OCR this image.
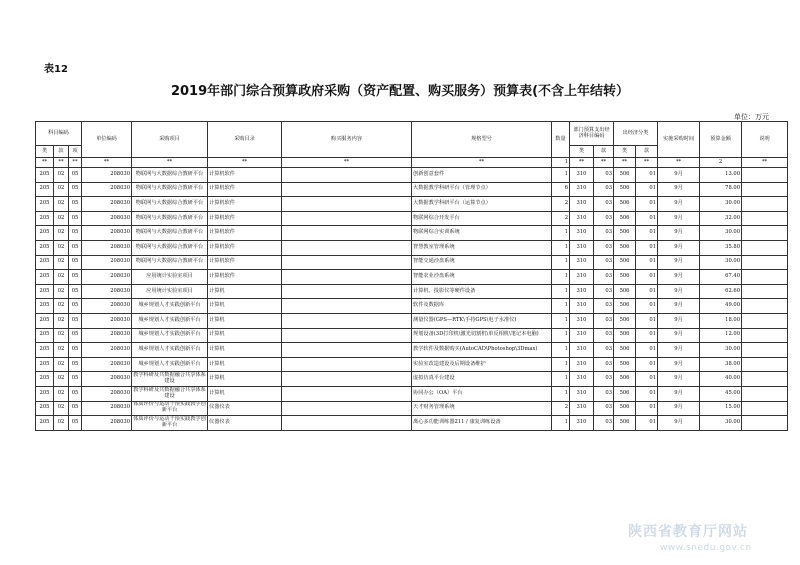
表12
2019年部门综合预算政府采购（资产配置、购买服务）预算表(不含上年结转）
单位：万元
科目编码			单位编码	采购项目	采购目录	购买服务内容	规格型号	数量	部门预算支出经济科目编码		出经济分类		实施采购时间	预算金额	说明
类	款	项							类	款	类	款			
**	**	**	**	**	**	**	**	1	**	**	**	**	**	2	**
205	02	05	208030	物联网与大数据综合教研平台	计算机软件		创新创意套件	1	310	03	506	01	9月	13.00	
205	02	05	208030	物联网与大数据综合教研平台	计算机软件		大数据教学科研平台（管理节点）	6	310	03	506	01	9月	78.00	
205	02	05	208030	物联网与大数据综合教研平台	计算机软件		大数据教学科研平台（运算节点）	2	310	03	506	01	9月	30.00	
205	02	05	208030	物联网与大数据综合教研平台	计算机软件		物联网综合开发平台	2	310	03	506	01	9月	32.00	
205	02	05	208030	物联网与大数据综合教研平台	计算机软件		物联网综合实训系统	1	310	03	506	01	9月	30.00	
205	02	05	208030	物联网与大数据综合教研平台	计算机软件		智慧教室管理系统	1	310	03	506	01	9月	35.80	
205	02	05	208030	物联网与大数据综合教研平台	计算机软件		智能交通沙盘系统	1	310	03	506	01	9月	30.00	
205	02	05	208030	应用统计实验室项目	计算机软件		智能农业沙盘系统	1	310	03	506	01	9月	67.40	
205	02	05	208030	应用统计实验室项目	计算机		计算机、投影仪等硬件设备	1	310	03	506	01	9月	62.60	
205	02	05	208030	城乡规划人才实践创新平台	计算机		软件及数据库	1	310	03	506	01	9月	49.00	
205	02	05	208030	城乡规划人才实践创新平台	计算机		测量仪器(GPS—RTK\手持GPS\电子水准仪)	1	310	03	506	01	9月	18.00	
205	02	05	208030	城乡规划人才实践创新平台	计算机		规划设备(3D打印机\激光切割机\单反相机\笔记本电脑)	1	310	03	506	01	9月	12.00	
205	02	05	208030	城乡规划人才实践创新平台	计算机		教学软件及数据购买(AutoCAD\Photoshop\3Dmax)	1	310	03	506	01	9月	30.00	
205	02	05	208030	城乡规划人才实践创新平台	计算机		实验室改造建设及后期设备维护	1	310	03	506	01	9月	38.00	
205	02	05	208030	教学科研及共数据融合共享体系建设	计算机		虚拟仿真平台建设	1	310	03	506	01	9月	40.00	
205	02	05	208030	教学科研及共数据融合共享体系建设	计算机		协同办公（OA）平台	1	310	03	506	01	9月	45.00	
205	02	05	208030	体质评价与运动干预实践教学创新平台	仪器仪表		天才财务管理系统	2	310	03	506	01	9月	15.00	
205	02	05	208030	体质评价与运动干预实践教学创新平台	仪器仪表		离心多功能训练器211 / 康复训练设备	1	310	03	506	01	9月	30.00	
陕西省教育厅网站
www.snedu.gov.cn
